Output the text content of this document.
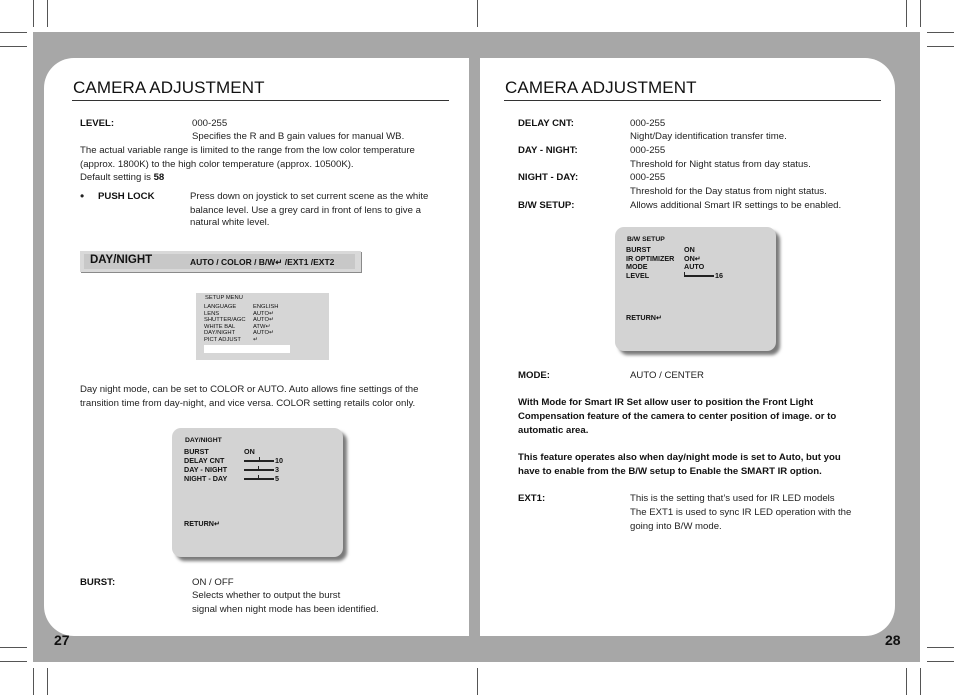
CAMERA ADJUSTMENT
LEVEL:	000-255
Specifies the R and B gain values for manual WB.
The actual variable range is limited to the range from the low color temperature
(approx. 1800K) to the high color temperature (approx. 10500K).
Default setting is 58
• PUSH LOCK	Press down on joystick to set current scene as the white
balance level. Use a grey card in front of lens to give a
natural white level.
DAY/NIGHT	AUTO / COLOR / B/W↵ /EXT1 /EXT2
SETUP MENU
LANGUAGE	ENGLISH
LENS	AUTO↵
SHUTTER/AGC AUTO↵
WHITE BAL	ATW↵
DAY/NIGHT	AUTO↵
PICT ADJUST ↵
Day night mode, can be set to COLOR or AUTO. Auto allows fine settings of the
transition time from day-night, and vice versa. COLOR setting retails color only.
DAY/NIGHT
BURST	ON
DELAY CNT	10
DAY - NIGHT	3
NIGHT - DAY	5
RETURN↵
BURST:	ON / OFF
Selects whether to output the burst
signal when night mode has been identified.
27
CAMERA ADJUSTMENT
DELAY CNT:	000-255
Night/Day identification transfer time.
DAY - NIGHT:	000-255
Threshold for Night status from day status.
NIGHT - DAY:	000-255
Threshold for the Day status from night status.
B/W SETUP:	Allows additional Smart IR settings to be enabled.
B/W SETUP
BURST	ON
IR OPTIMIZER ON↵
MODE	AUTO
LEVEL	16
RETURN↵
MODE:	AUTO / CENTER
With Mode for Smart IR Set allow user to position the Front Light
Compensation feature of the camera to center position of image. or to
automatic area.
This feature operates also when day/night mode is set to Auto, but you
have to enable from the B/W setup to Enable the SMART IR option.
EXT1:	This is the setting that’s used for IR LED models
The EXT1 is used to sync IR LED operation with the
going into B/W mode.
28
